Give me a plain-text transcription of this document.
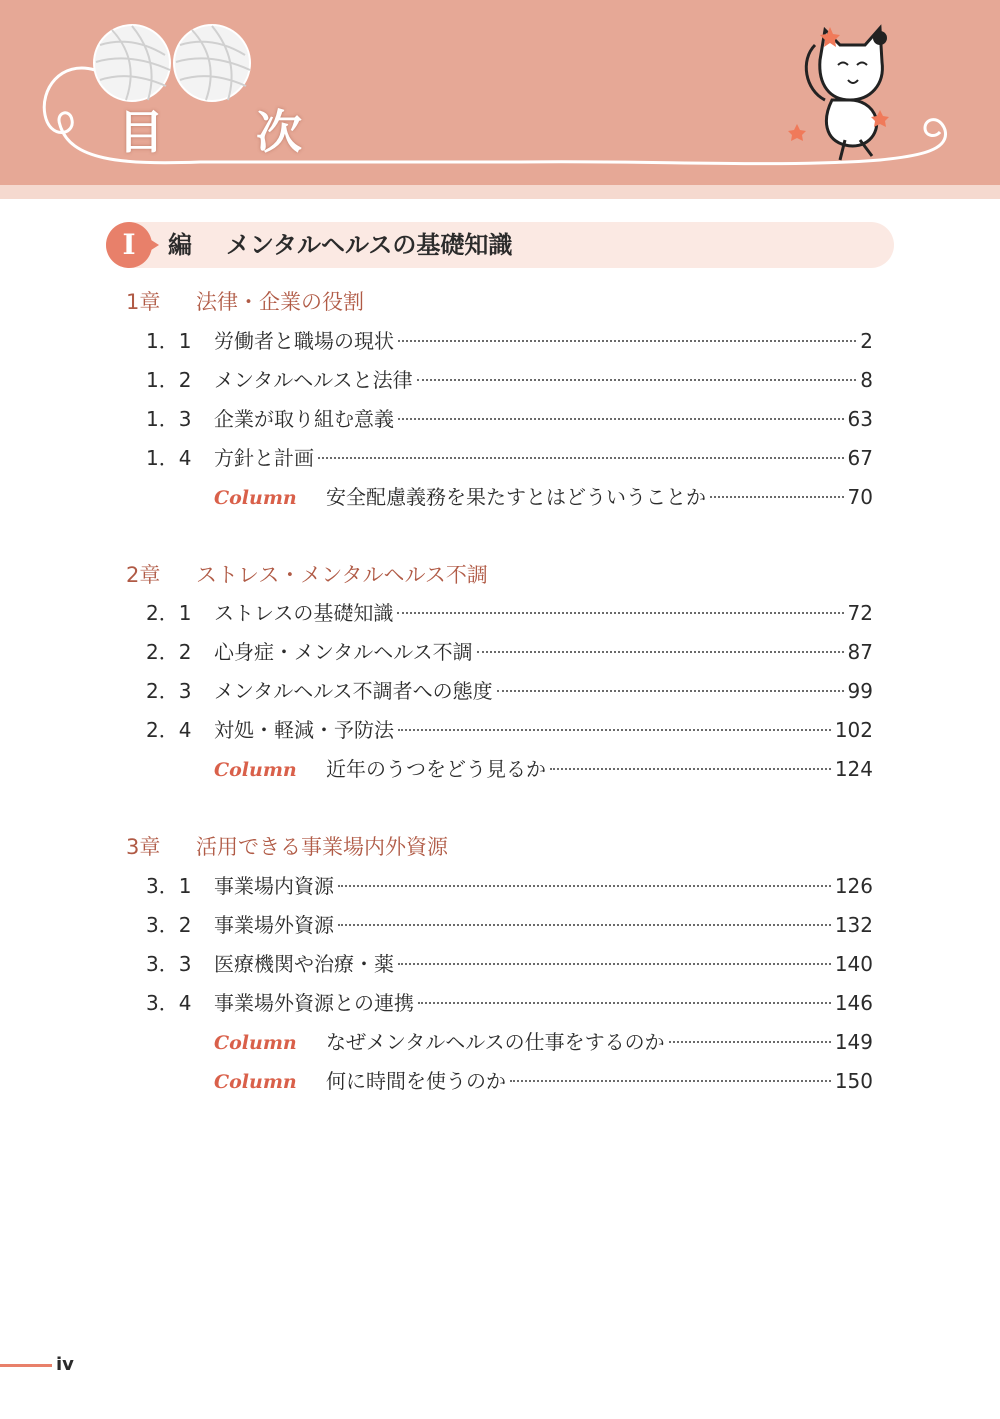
目 次
I	編 メンタルヘルスの基礎知識
1章 法律・企業の役割
1．1	労働者と職場の現状	2
1．2	メンタルヘルスと法律	8
1．3	企業が取り組む意義	63
1．4	方針と計画	67
Column	安全配慮義務を果たすとはどういうことか	70
2章 ストレス・メンタルヘルス不調
2．1	ストレスの基礎知識	72
2．2	心身症・メンタルヘルス不調	87
2．3	メンタルヘルス不調者への態度	99
2．4	対処・軽減・予防法	102
Column	近年のうつをどう見るか	124
3章 活用できる事業場内外資源
3．1	事業場内資源	126
3．2	事業場外資源	132
3．3	医療機関や治療・薬	140
3．4	事業場外資源との連携	146
Column	なぜメンタルヘルスの仕事をするのか	149
Column	何に時間を使うのか	150
iv
